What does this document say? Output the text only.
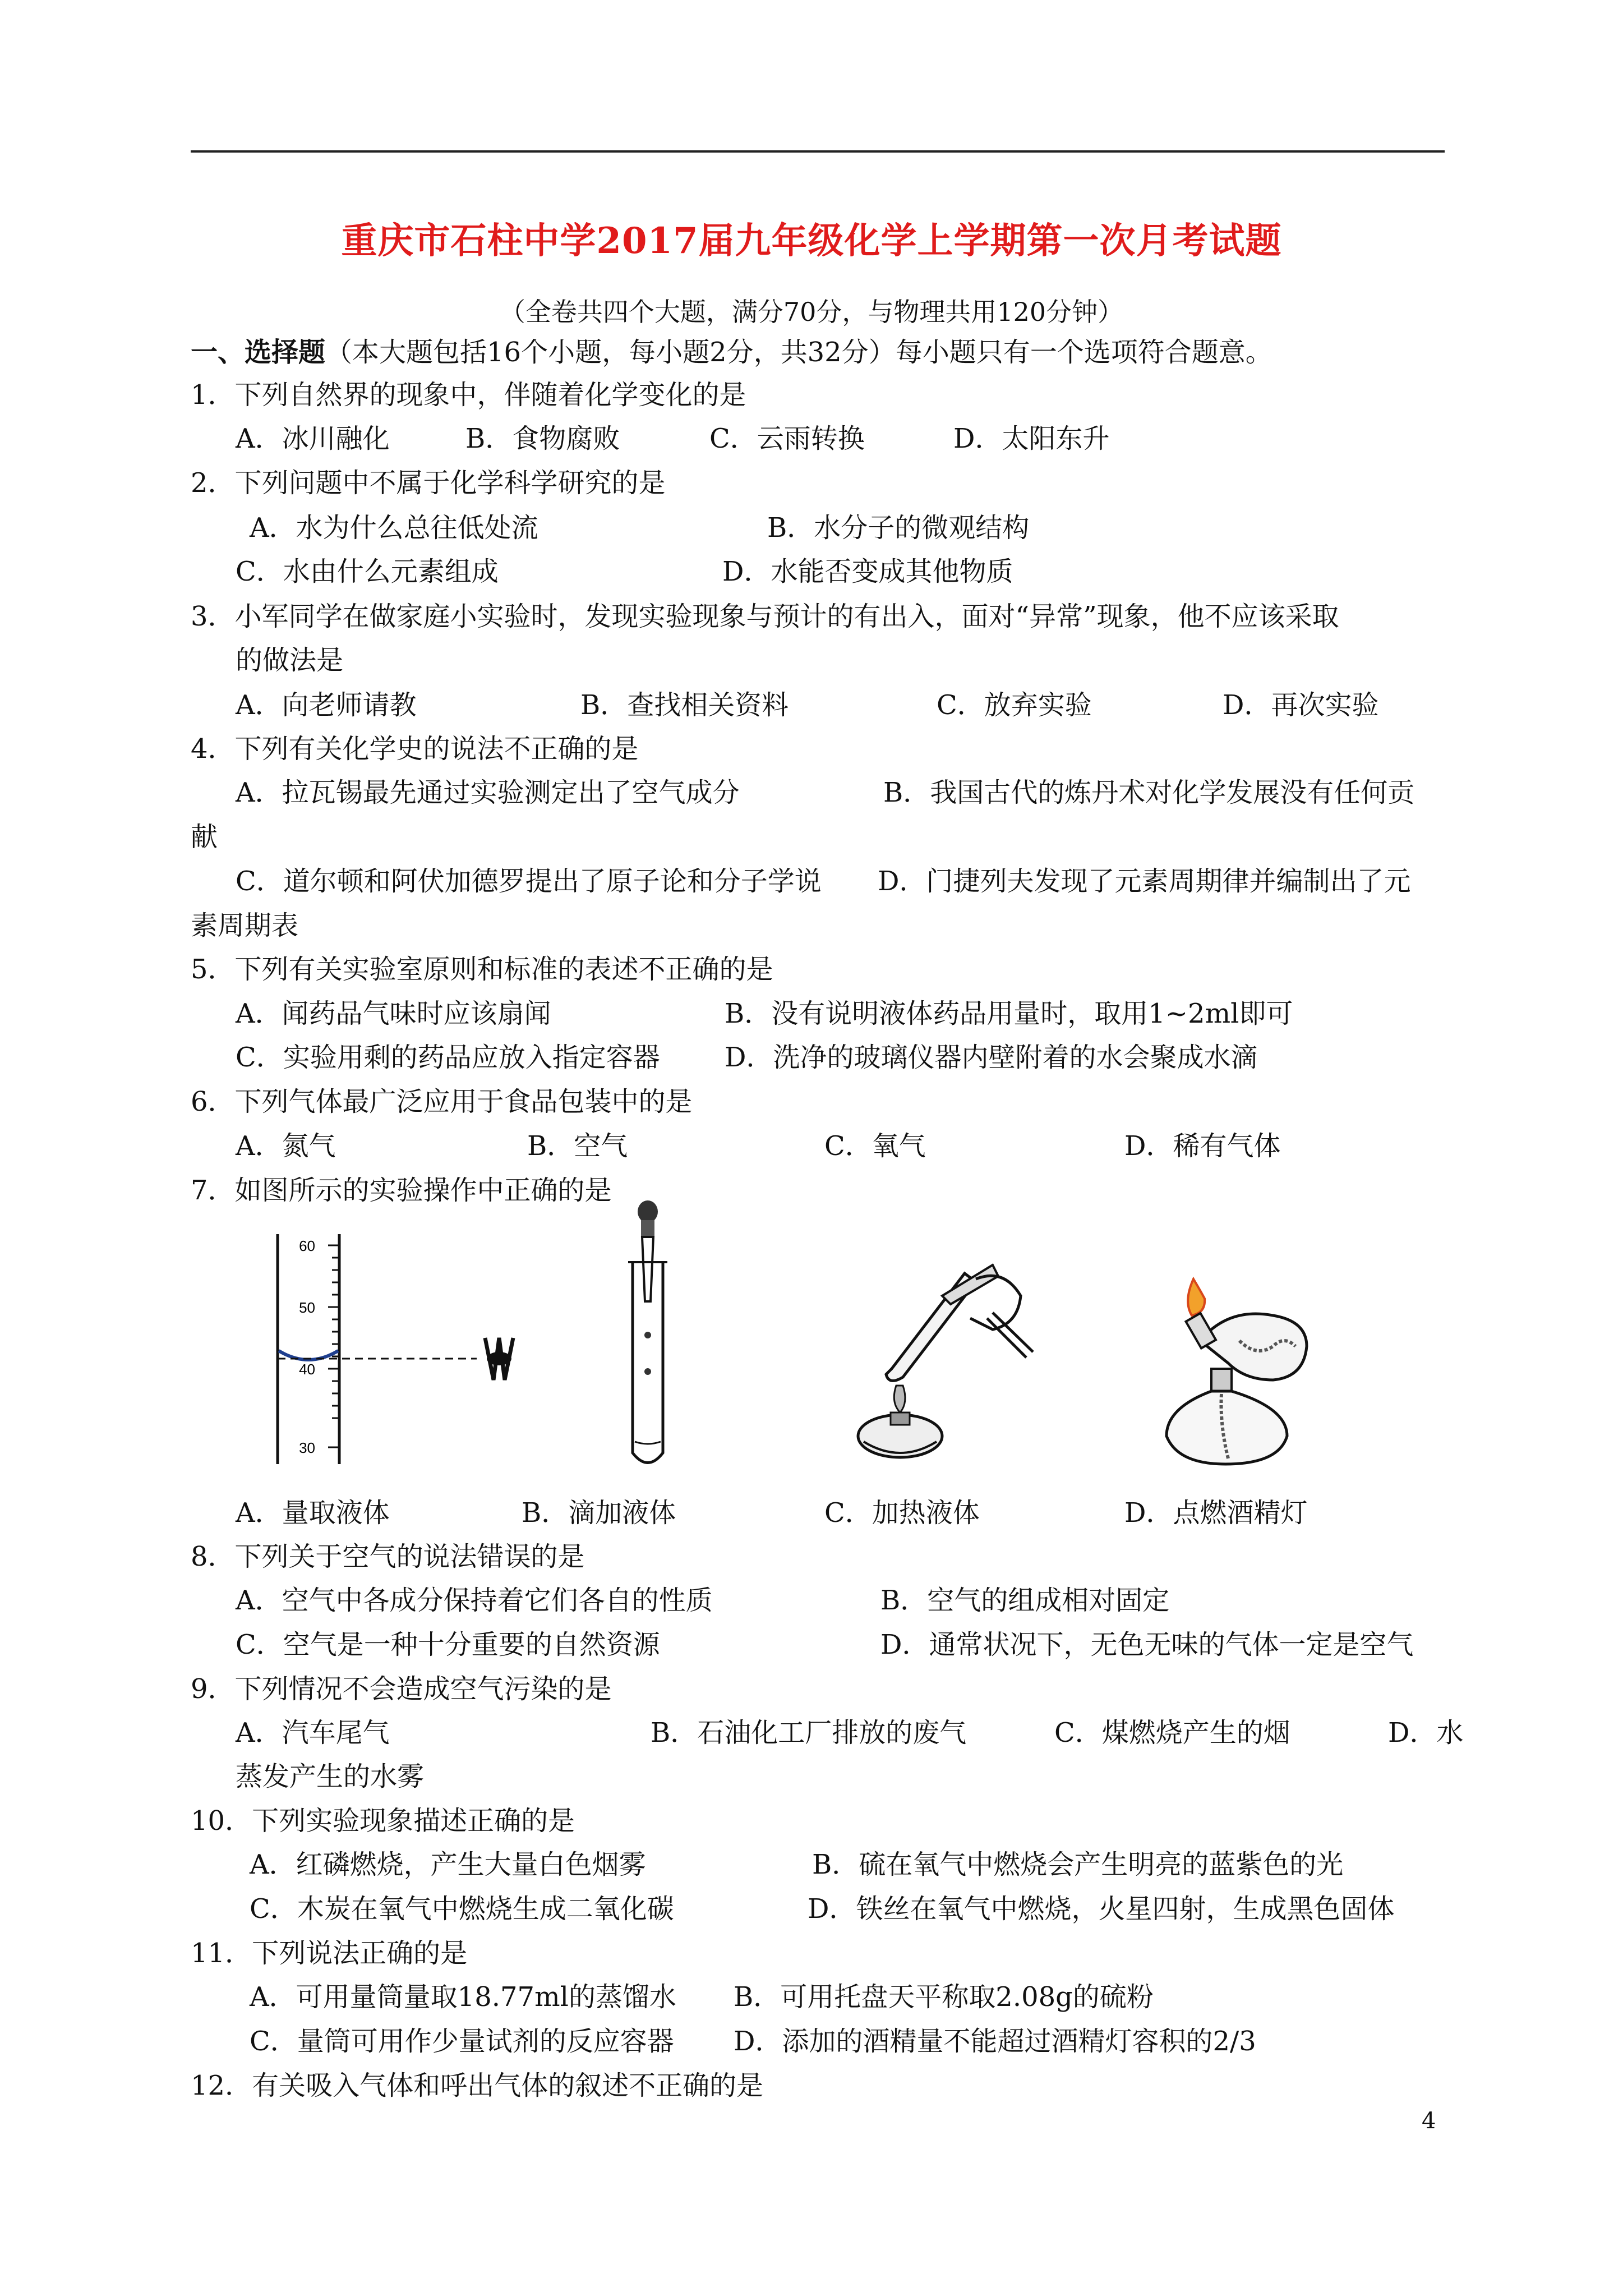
重庆市石柱中学2017届九年级化学上学期第一次月考试题
（全卷共四个大题，满分70分，与物理共用120分钟）
一、选择题（本大题包括16个小题，每小题2分，共32分）每小题只有一个选项符合题意。
1．下列自然界的现象中，伴随着化学变化的是
A．冰川融化	B．食物腐败	C．云雨转换	D．太阳东升
2．下列问题中不属于化学科学研究的是
A．水为什么总往低处流	B．水分子的微观结构
C．水由什么元素组成	D．水能否变成其他物质
3．小军同学在做家庭小实验时，发现实验现象与预计的有出入，面对“异常”现象，他不应该采取
的做法是
A．向老师请教	B．查找相关资料	C．放弃实验	D．再次实验
4．下列有关化学史的说法不正确的是
A．拉瓦锡最先通过实验测定出了空气成分	B．我国古代的炼丹术对化学发展没有任何贡
献
C．道尔顿和阿伏加德罗提出了原子论和分子学说 D．门捷列夫发现了元素周期律并编制出了元
素周期表
5．下列有关实验室原则和标准的表述不正确的是
A．闻药品气味时应该扇闻	B．没有说明液体药品用量时，取用1~2ml即可
C．实验用剩的药品应放入指定容器 D．洗净的玻璃仪器内壁附着的水会聚成水滴
6．下列气体最广泛应用于食品包装中的是
A．氮气	B．空气	C．氧气	D．稀有气体
7．如图所示的实验操作中正确的是
60
50
40
30
A．量取液体	B．滴加液体	C．加热液体	D．点燃酒精灯
8．下列关于空气的说法错误的是
A．空气中各成分保持着它们各自的性质	B．空气的组成相对固定
C．空气是一种十分重要的自然资源	D．通常状况下，无色无味的气体一定是空气
9．下列情况不会造成空气污染的是
A．汽车尾气	B．石油化工厂排放的废气	C．煤燃烧产生的烟	D．水
蒸发产生的水雾
10．下列实验现象描述正确的是
A．红磷燃烧，产生大量白色烟雾	B．硫在氧气中燃烧会产生明亮的蓝紫色的光
C．木炭在氧气中燃烧生成二氧化碳	D．铁丝在氧气中燃烧，火星四射，生成黑色固体
11．下列说法正确的是
A．可用量筒量取18.77ml的蒸馏水 B．可用托盘天平称取2.08g的硫粉
C．量筒可用作少量试剂的反应容器 D．添加的酒精量不能超过酒精灯容积的2/3
12．有关吸入气体和呼出气体的叙述不正确的是
4
